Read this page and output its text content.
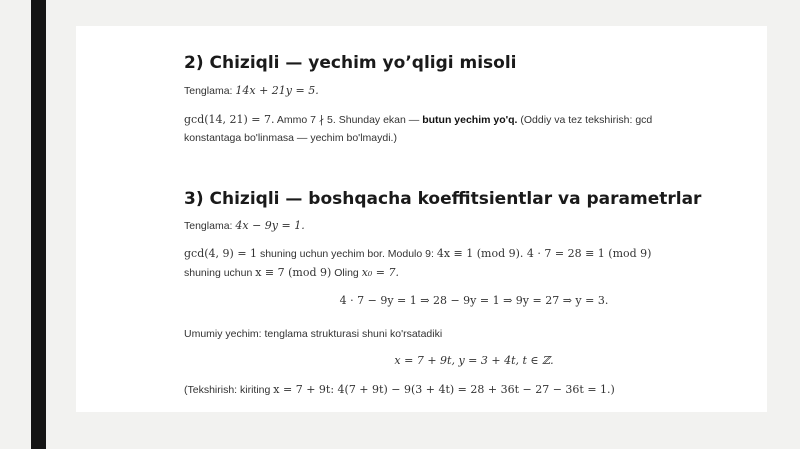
2) Chiziqli — yechim yo’qligi misoli
Tenglama: 14x + 21y = 5.
gcd(14, 21) = 7. Ammo 7 ∤ 5. Shunday ekan — butun yechim yo'q. (Oddiy va tez tekshirish: gcd
konstantaga bo'linmasa — yechim bo'lmaydi.)
3) Chiziqli — boshqacha koeffitsientlar va parametrlar
Tenglama: 4x − 9y = 1.
gcd(4, 9) = 1 shuning uchun yechim bor. Modulo 9: 4x ≡ 1 (mod 9). 4 · 7 = 28 ≡ 1 (mod 9)
shuning uchun x ≡ 7 (mod 9) Oling x₀ = 7.
4 · 7 − 9y = 1 ⇒ 28 − 9y = 1 ⇒ 9y = 27 ⇒ y = 3.
Umumiy yechim: tenglama strukturasi shuni ko'rsatadiki
x = 7 + 9t, y = 3 + 4t, t ∈ ℤ.
(Tekshirish: kiriting x = 7 + 9t: 4(7 + 9t) − 9(3 + 4t) = 28 + 36t − 27 − 36t = 1.)
